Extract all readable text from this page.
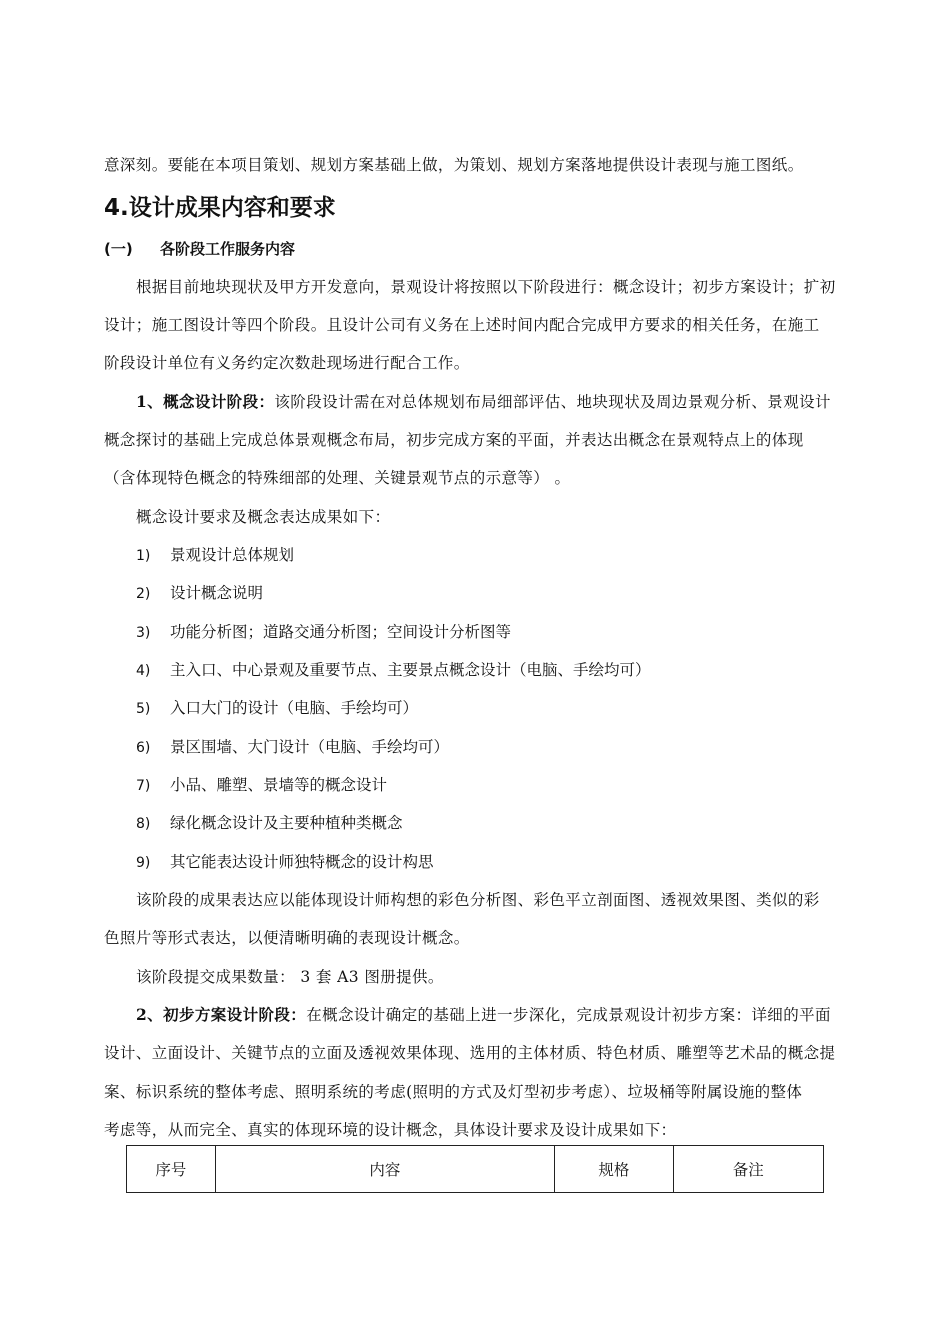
意深刻。要能在本项目策划、规划方案基础上做，为策划、规划方案落地提供设计表现与施工图纸。

4.设计成果内容和要求
(一) 各阶段工作服务内容

根据目前地块现状及甲方开发意向，景观设计将按照以下阶段进行：概念设计；初步方案设计；扩初

设计；施工图设计等四个阶段。且设计公司有义务在上述时间内配合完成甲方要求的相关任务，在施工

阶段设计单位有义务约定次数赴现场进行配合工作。

1、概念设计阶段：该阶段设计需在对总体规划布局细部评估、地块现状及周边景观分析、景观设计

概念探讨的基础上完成总体景观概念布局，初步完成方案的平面，并表达出概念在景观特点上的体现

（含体现特色概念的特殊细部的处理、关键景观节点的示意等） 。

概念设计要求及概念表达成果如下：

1) 景观设计总体规划
2) 设计概念说明
3) 功能分析图；道路交通分析图；空间设计分析图等
4) 主入口、中心景观及重要节点、主要景点概念设计（电脑、手绘均可）
5) 入口大门的设计（电脑、手绘均可）
6) 景区围墙、大门设计（电脑、手绘均可）
7) 小品、雕塑、景墙等的概念设计
8) 绿化概念设计及主要种植种类概念
9) 其它能表达设计师独特概念的设计构思

该阶段的成果表达应以能体现设计师构想的彩色分析图、彩色平立剖面图、透视效果图、类似的彩

色照片等形式表达，以便清晰明确的表现设计概念。

该阶段提交成果数量： 3 套 A3 图册提供。

2、初步方案设计阶段：在概念设计确定的基础上进一步深化，完成景观设计初步方案：详细的平面

设计、立面设计、关键节点的立面及透视效果体现、选用的主体材质、特色材质、雕塑等艺术品的概念提

案、标识系统的整体考虑、照明系统的考虑(照明的方式及灯型初步考虑）、垃圾桶等附属设施的整体

考虑等，从而完全、真实的体现环境的设计概念，具体设计要求及设计成果如下：

序号	内容	规格	备注
